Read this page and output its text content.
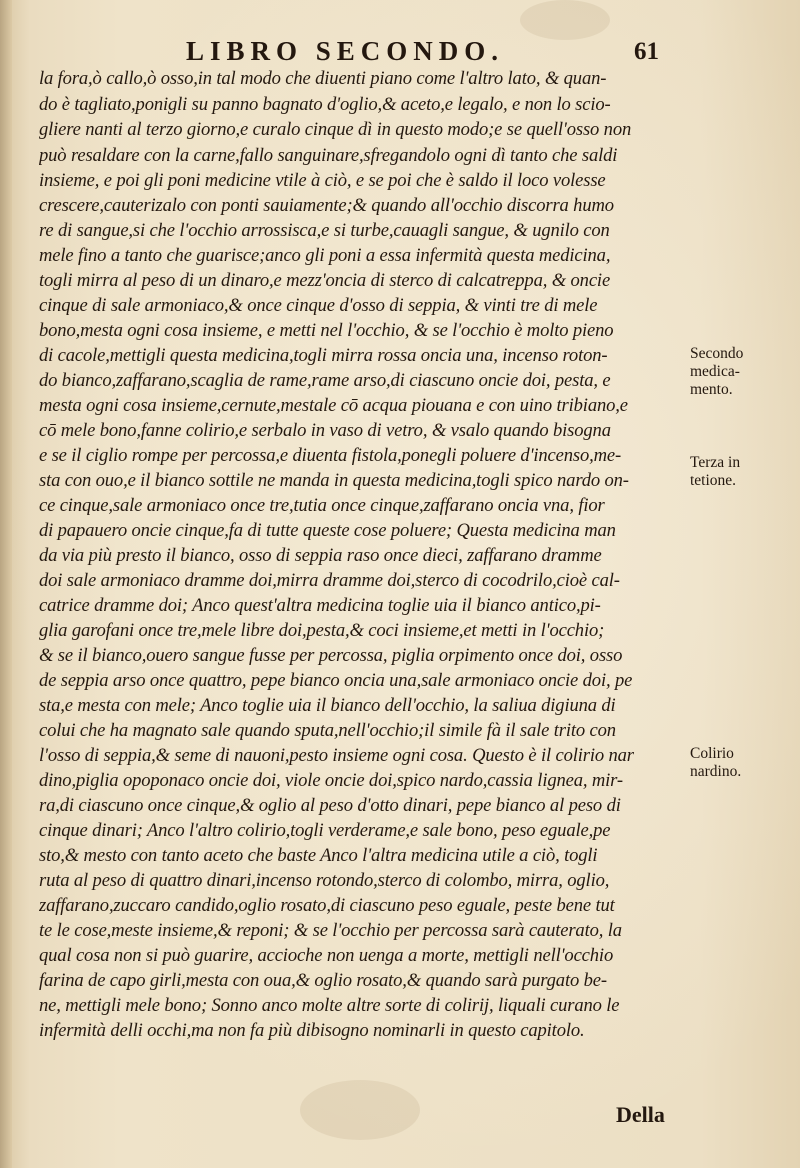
LIBRO SECONDO.	61
la fora,ò callo,ò osso,in tal modo che diuenti piano come l'altro lato, & quan-
do è tagliato,ponigli su panno bagnato d'oglio,& aceto,e legalo, e non lo scio-
gliere nanti al terzo giorno,e curalo cinque dì in questo modo;e se quell'osso non
può resaldare con la carne,fallo sanguinare,sfregandolo ogni dì tanto che saldi
insieme, e poi gli poni medicine vtile à ciò, e se poi che è saldo il loco volesse
crescere,cauterizalo con ponti sauiamente;& quando all'occhio discorra humo
re di sangue,si che l'occhio arrossisca,e si turbe,cauagli sangue, & ugnilo con
mele fino a tanto che guarisce;anco gli poni a essa infermità questa medicina,
togli mirra al peso di un dinaro,e mezz'oncia di sterco di calcatreppa, & oncie
cinque di sale armoniaco,& once cinque d'osso di seppia, & vinti tre di mele
bono,mesta ogni cosa insieme, e metti nel l'occhio, & se l'occhio è molto pieno
di cacole,mettigli questa medicina,togli mirra rossa oncia una, incenso roton-
do bianco,zaffarano,scaglia de rame,rame arso,di ciascuno oncie doi, pesta, e
mesta ogni cosa insieme,cernute,mestale cō acqua piouana e con uino tribiano,e
cō mele bono,fanne colirio,e serbalo in vaso di vetro, & vsalo quando bisogna
e se il ciglio rompe per percossa,e diuenta fistola,ponegli poluere d'incenso,me-
sta con ouo,e il bianco sottile ne manda in questa medicina,togli spico nardo on-
ce cinque,sale armoniaco once tre,tutia once cinque,zaffarano oncia vna, fior
di papauero oncie cinque,fa di tutte queste cose poluere; Questa medicina man
da via più presto il bianco, osso di seppia raso once dieci, zaffarano dramme
doi sale armoniaco dramme doi,mirra dramme doi,sterco di cocodrilo,cioè cal-
catrice dramme doi; Anco quest'altra medicina toglie uia il bianco antico,pi-
glia garofani once tre,mele libre doi,pesta,& coci insieme,et metti in l'occhio;
& se il bianco,ouero sangue fusse per percossa, piglia orpimento once doi, osso
de seppia arso once quattro, pepe bianco oncia una,sale armoniaco oncie doi, pe
sta,e mesta con mele; Anco toglie uia il bianco dell'occhio, la saliua digiuna di
colui che ha magnato sale quando sputa,nell'occhio;il simile fà il sale trito con
l'osso di seppia,& seme di nauoni,pesto insieme ogni cosa. Questo è il colirio nar
dino,piglia opoponaco oncie doi, viole oncie doi,spico nardo,cassia lignea, mir-
ra,di ciascuno once cinque,& oglio al peso d'otto dinari, pepe bianco al peso di
cinque dinari; Anco l'altro colirio,togli verderame,e sale bono, peso eguale,pe
sto,& mesto con tanto aceto che baste Anco l'altra medicina utile a ciò, togli
ruta al peso di quattro dinari,incenso rotondo,sterco di colombo, mirra, oglio,
zaffarano,zuccaro candido,oglio rosato,di ciascuno peso eguale, peste bene tut
te le cose,meste insieme,& reponi; & se l'occhio per percossa sarà cauterato, la
qual cosa non si può guarire, accioche non uenga a morte, mettigli nell'occhio
farina de capo girli,mesta con oua,& oglio rosato,& quando sarà purgato be-
ne, mettigli mele bono; Sonno anco molte altre sorte di colirij, liquali curano le
infermità delli occhi,ma non fa più dibisogno nominarli in questo capitolo.
Secondo
medica-
mento.
Terza in
tetione.
Colirio
nardino.
Della
